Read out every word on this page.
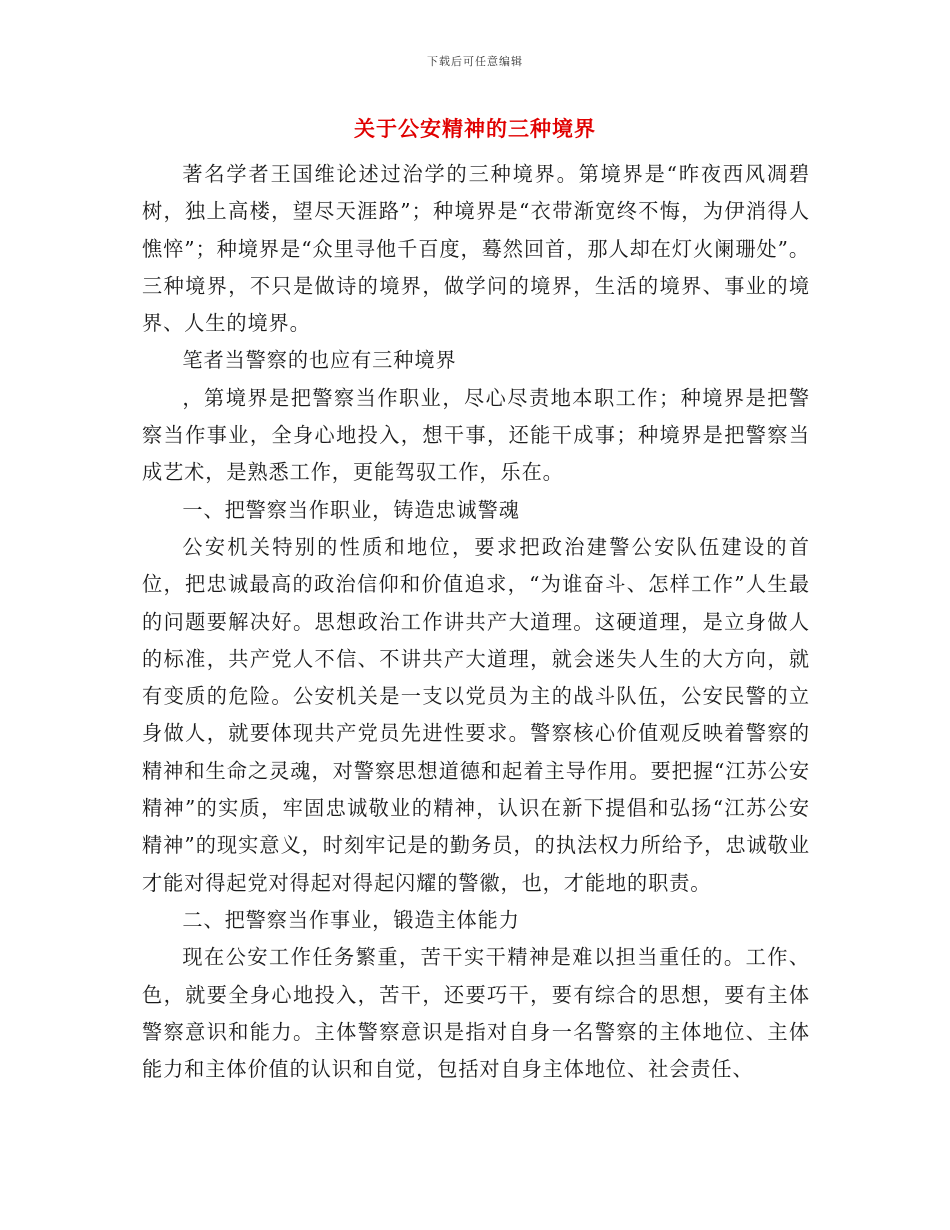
下载后可任意编辑
关于公安精神的三种境界

著名学者王国维论述过治学的三种境界。第境界是“昨夜西风凋碧树，独上高楼，望尽天涯路”；种境界是“衣带渐宽终不悔，为伊消得人憔悴”；种境界是“众里寻他千百度，蓦然回首，那人却在灯火阑珊处”。三种境界，不只是做诗的境界，做学问的境界，生活的境界、事业的境界、人生的境界。

笔者当警察的也应有三种境界

，第境界是把警察当作职业，尽心尽责地本职工作；种境界是把警察当作事业，全身心地投入，想干事，还能干成事；种境界是把警察当成艺术，是熟悉工作，更能驾驭工作，乐在。

一、把警察当作职业，铸造忠诚警魂

公安机关特别的性质和地位，要求把政治建警公安队伍建设的首位，把忠诚最高的政治信仰和价值追求，“为谁奋斗、怎样工作”人生最的问题要解决好。思想政治工作讲共产大道理。这硬道理，是立身做人的标准，共产党人不信、不讲共产大道理，就会迷失人生的大方向，就有变质的危险。公安机关是一支以党员为主的战斗队伍，公安民警的立身做人，就要体现共产党员先进性要求。警察核心价值观反映着警察的精神和生命之灵魂，对警察思想道德和起着主导作用。要把握“江苏公安精神”的实质，牢固忠诚敬业的精神，认识在新下提倡和弘扬“江苏公安精神”的现实意义，时刻牢记是的勤务员，的执法权力所给予，忠诚敬业才能对得起党对得起对得起闪耀的警徽，也，才能地的职责。

二、把警察当作事业，锻造主体能力

现在公安工作任务繁重，苦干实干精神是难以担当重任的。工作、色，就要全身心地投入，苦干，还要巧干，要有综合的思想，要有主体警察意识和能力。主体警察意识是指对自身一名警察的主体地位、主体能力和主体价值的认识和自觉，包括对自身主体地位、社会责任、
